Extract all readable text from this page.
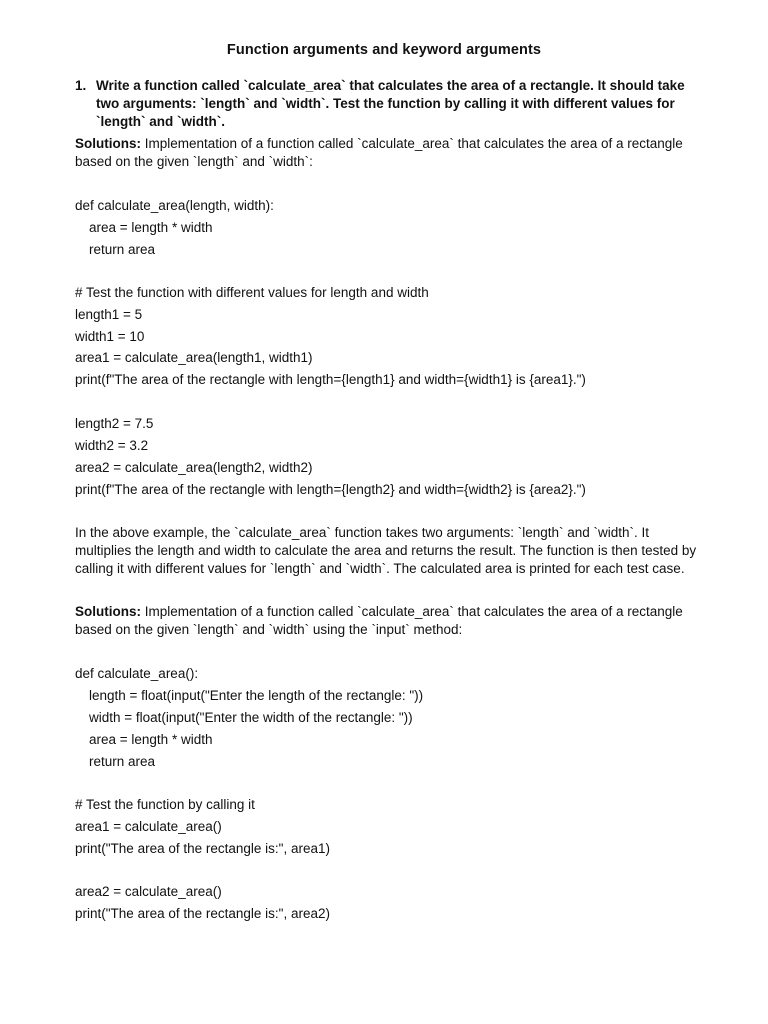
Function arguments and keyword arguments
1. Write a function called `calculate_area` that calculates the area of a rectangle. It should take two arguments: `length` and `width`. Test the function by calling it with different values for `length` and `width`.
Solutions: Implementation of a function called `calculate_area` that calculates the area of a rectangle based on the given `length` and `width`:
def calculate_area(length, width):
area = length * width
return area
# Test the function with different values for length and width
length1 = 5
width1 = 10
area1 = calculate_area(length1, width1)
print(f"The area of the rectangle with length={length1} and width={width1} is {area1}.")
length2 = 7.5
width2 = 3.2
area2 = calculate_area(length2, width2)
print(f"The area of the rectangle with length={length2} and width={width2} is {area2}.")
In the above example, the `calculate_area` function takes two arguments: `length` and `width`. It multiplies the length and width to calculate the area and returns the result. The function is then tested by calling it with different values for `length` and `width`. The calculated area is printed for each test case.
Solutions: Implementation of a function called `calculate_area` that calculates the area of a rectangle based on the given `length` and `width` using the `input` method:
def calculate_area():
length = float(input("Enter the length of the rectangle: "))
width = float(input("Enter the width of the rectangle: "))
area = length * width
return area
# Test the function by calling it
area1 = calculate_area()
print("The area of the rectangle is:", area1)
area2 = calculate_area()
print("The area of the rectangle is:", area2)
